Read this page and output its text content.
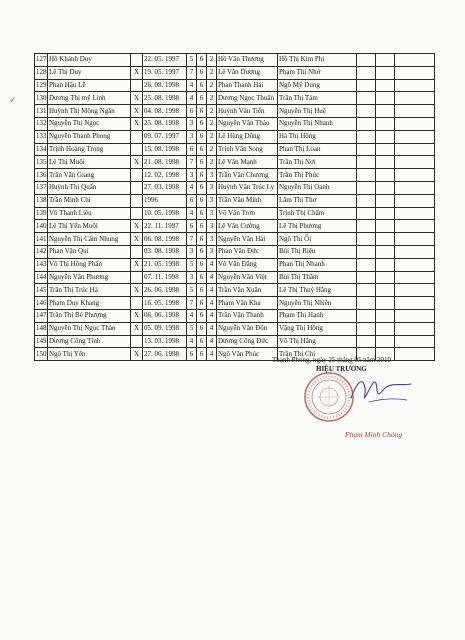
✓
127	Hồ Khánh Duy		22. 05. 1997	5	6	2	Hồ Văn Thương	Hồ Thị Kim Phi			
128	Lê Thị Duy	X	19. 05. 1997	7	6	2	Lê Văn Dương	Phạm Thị Nhớ			
129	Phan Hậu Lễ		26. 08. 1998	4	6	2	Phan Thanh Hải	Ngô Mỹ Dung			
130	Dương Thị mỹ Linh	X	25. 08. 1998	4	6	2	Dương Ngọc Thuấn	Trần Thị Tám			
131	Huỳnh Thị Mộng Ngân	X	04. 08. 1998	6	6	2	Huỳnh Văn Tiến	Nguyễn Thị Huệ			
132	Nguyễn Thị Ngọc	X	25. 08. 1998	3	6	2	Nguyễn Văn Thảo	Nguyễn Thị Nhanh			
133	Nguyễn Thanh Phong		09. 07. 1997	3	6	2	Lê Hùng Dũng	Hà Thị Hồng			
134	Trịnh Hoàng Trọng		15. 08. 1998	6	6	2	Trịnh Văn Song	Phan Thị Loan			
135	Lê Thị Muội	X	21. 08. 1998	7	6	2	Lê Văn Mạnh	Trần Thị Nơi			
136	Trần Văn Giang		12. 02. 1998	3	6	3	Trần Văn Chương	Trần Thị Phúc			
137	Huỳnh Thị Quấn		27. 03. 1998	4	6	3	Huỳnh Văn Trúc Ly	Nguyễn Thị Oanh			
138	Trần Minh Chí		1996	6	6	3	Trần Văn Minh	Lâm Thị Thơ			
139	Võ Thanh Liêu		10. 05. 1998	4	6	3	Võ Văn Trơn	Trịnh Thị Chấm			
140	Lê Thị Yến Muội	X	22. 11. 1997	6	6	3	Lê Văn Cường	Lê Thị Phương			
141	Nguyễn Thị Cẩm Nhung	X	06. 08. 1998	7	6	3	Nguyễn Văn Hải	Ngô Thị Ổi			
142	Phan Văn Quí		03. 08. 1998	3	6	3	Phan Văn Đức	Bùi Thị Riêu			
143	Võ Thị Hồng Phấn	X	21. 05. 1998	5	6	4	Võ Văn Đăng	Phan Thị Nhanh			
144	Nguyễn Văn Phương		07. 11. 1998	3	6	4	Nguyễn Văn Việt	Bùi Thị Thắm			
145	Trần Thị Trúc Hà	X	26. 06. 1998	5	6	4	Trần Văn Xuân	Lê Thị Thuý Hằng			
146	Phạm Duy Khang		16. 05. 1998	7	6	4	Phạm Văn Kha	Nguyễn Thị Nhiên			
147	Trần Thị Bé Phượng	X	06. 06. 1998	4	6	4	Trần Văn Thanh	Phạm Thị Hạnh			
148	Nguyễn Thị Ngọc Thảo	X	05. 09. 1998	5	6	4	Nguyễn Văn Đôn	Vặng Thị Hồng			
149	Dương Công Tính		13. 03. 1998	4	6	4	Dương Công Đức	Võ Thị Hằng			
150	Ngô Thị Yến	X	27. 06. 1998	6	6	4	Ngô Văn Phúc	Trần Thị Chi			
Thạnh Phong, ngày 25 tháng 05 năm 2010
HIỆU TRƯỞNG
Phạm Minh Chóng
